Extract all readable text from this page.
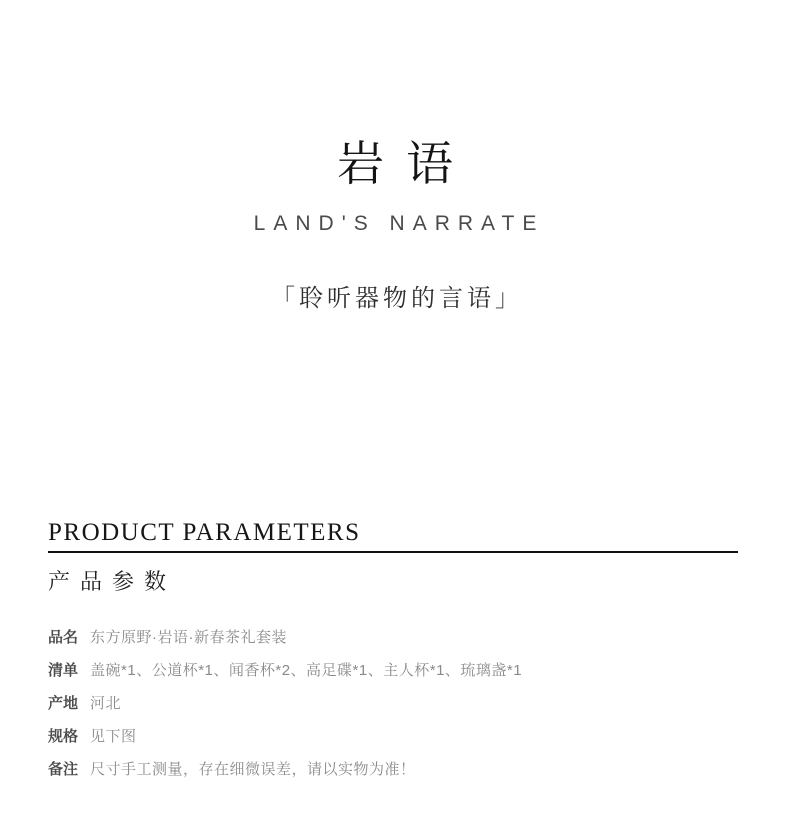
岩语
LAND'S NARRATE
「聆听器物的言语」
PRODUCT PARAMETERS
产品参数
品名 东方原野·岩语·新春茶礼套装
清单 盖碗*1、公道杯*1、闻香杯*2、高足碟*1、主人杯*1、琉璃盏*1
产地 河北
规格 见下图
备注 尺寸手工测量，存在细微误差，请以实物为准！
